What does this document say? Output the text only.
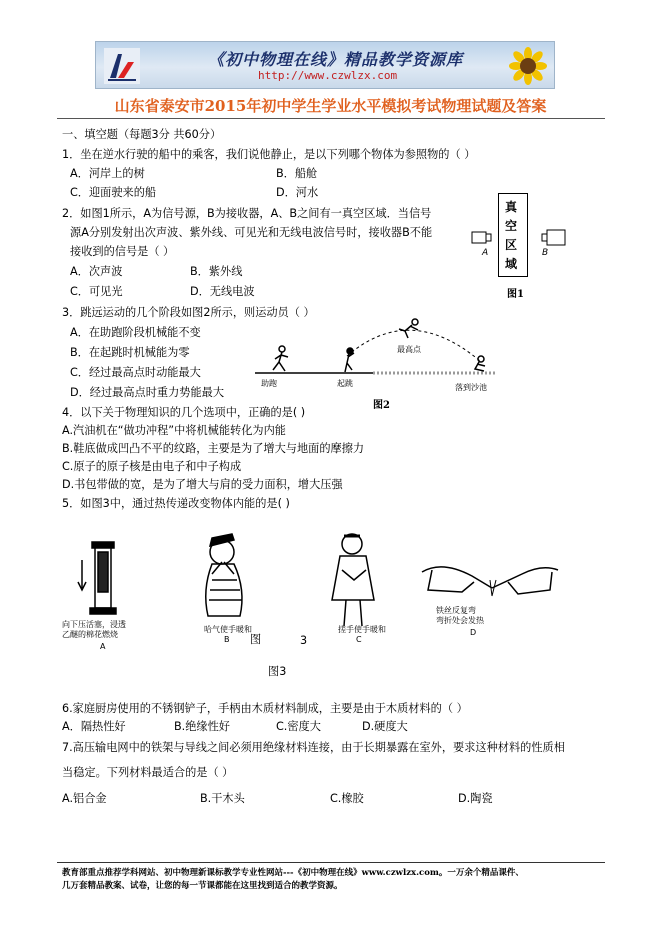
《初中物理在线》精品教学资源库
http://www.czwlzx.com
山东省泰安市2015年初中学生学业水平模拟考试物理试题及答案
一、填空题（每题3分 共60分）
1．坐在逆水行驶的船中的乘客，我们说他静止，是以下列哪个物体为参照物的（ ）
A．河岸上的树	B．船舱
C．迎面驶来的船	D．河水
2．如图1所示，A为信号源，B为接收器，A、B之间有一真空区域．当信号
源A分别发射出次声波、紫外线、可见光和无线电波信号时，接收器B不能
接收到的信号是（ ）
A．次声波	B．紫外线
C．可见光	D．无线电波
真空区域
A	B
图1
3．跳远运动的几个阶段如图2所示，则运动员（ ）
A．在助跑阶段机械能不变
B．在起跳时机械能为零
C．经过最高点时动能最大
D．经过最高点时重力势能最大
助跑	起跳
最高点
落到沙池
图2
4．以下关于物理知识的几个选项中，正确的是( )
A.汽油机在“做功冲程”中将机械能转化为内能
B.鞋底做成凹凸不平的纹路，主要是为了增大与地面的摩擦力
C.原子的原子核是由电子和中子构成
D.书包带做的宽，是为了增大与肩的受力面积，增大压强
5．如图3中，通过热传递改变物体内能的是( )
向下压活塞，浸透
乙醚的棉花燃烧
A
哈气使手暖和
B
搓手使手暖和
C
图	3
铁丝反复弯
弯折处会发热
D
图3
6.家庭厨房使用的不锈钢铲子，手柄由木质材料制成，主要是由于木质材料的（ ）
A．隔热性好	B.绝缘性好	C.密度大	D.硬度大
7.高压输电网中的铁架与导线之间必须用绝缘材料连接，由于长期暴露在室外，要求这种材料的性质相
当稳定。下列材料最适合的是（ ）
A.铝合金	B.干木头	C.橡胶	D.陶瓷
教育部重点推荐学科网站、初中物理新课标教学专业性网站---《初中物理在线》www.czwlzx.com。一万余个精品课件、
几万套精品教案、试卷，让您的每一节课都能在这里找到适合的教学资源。
